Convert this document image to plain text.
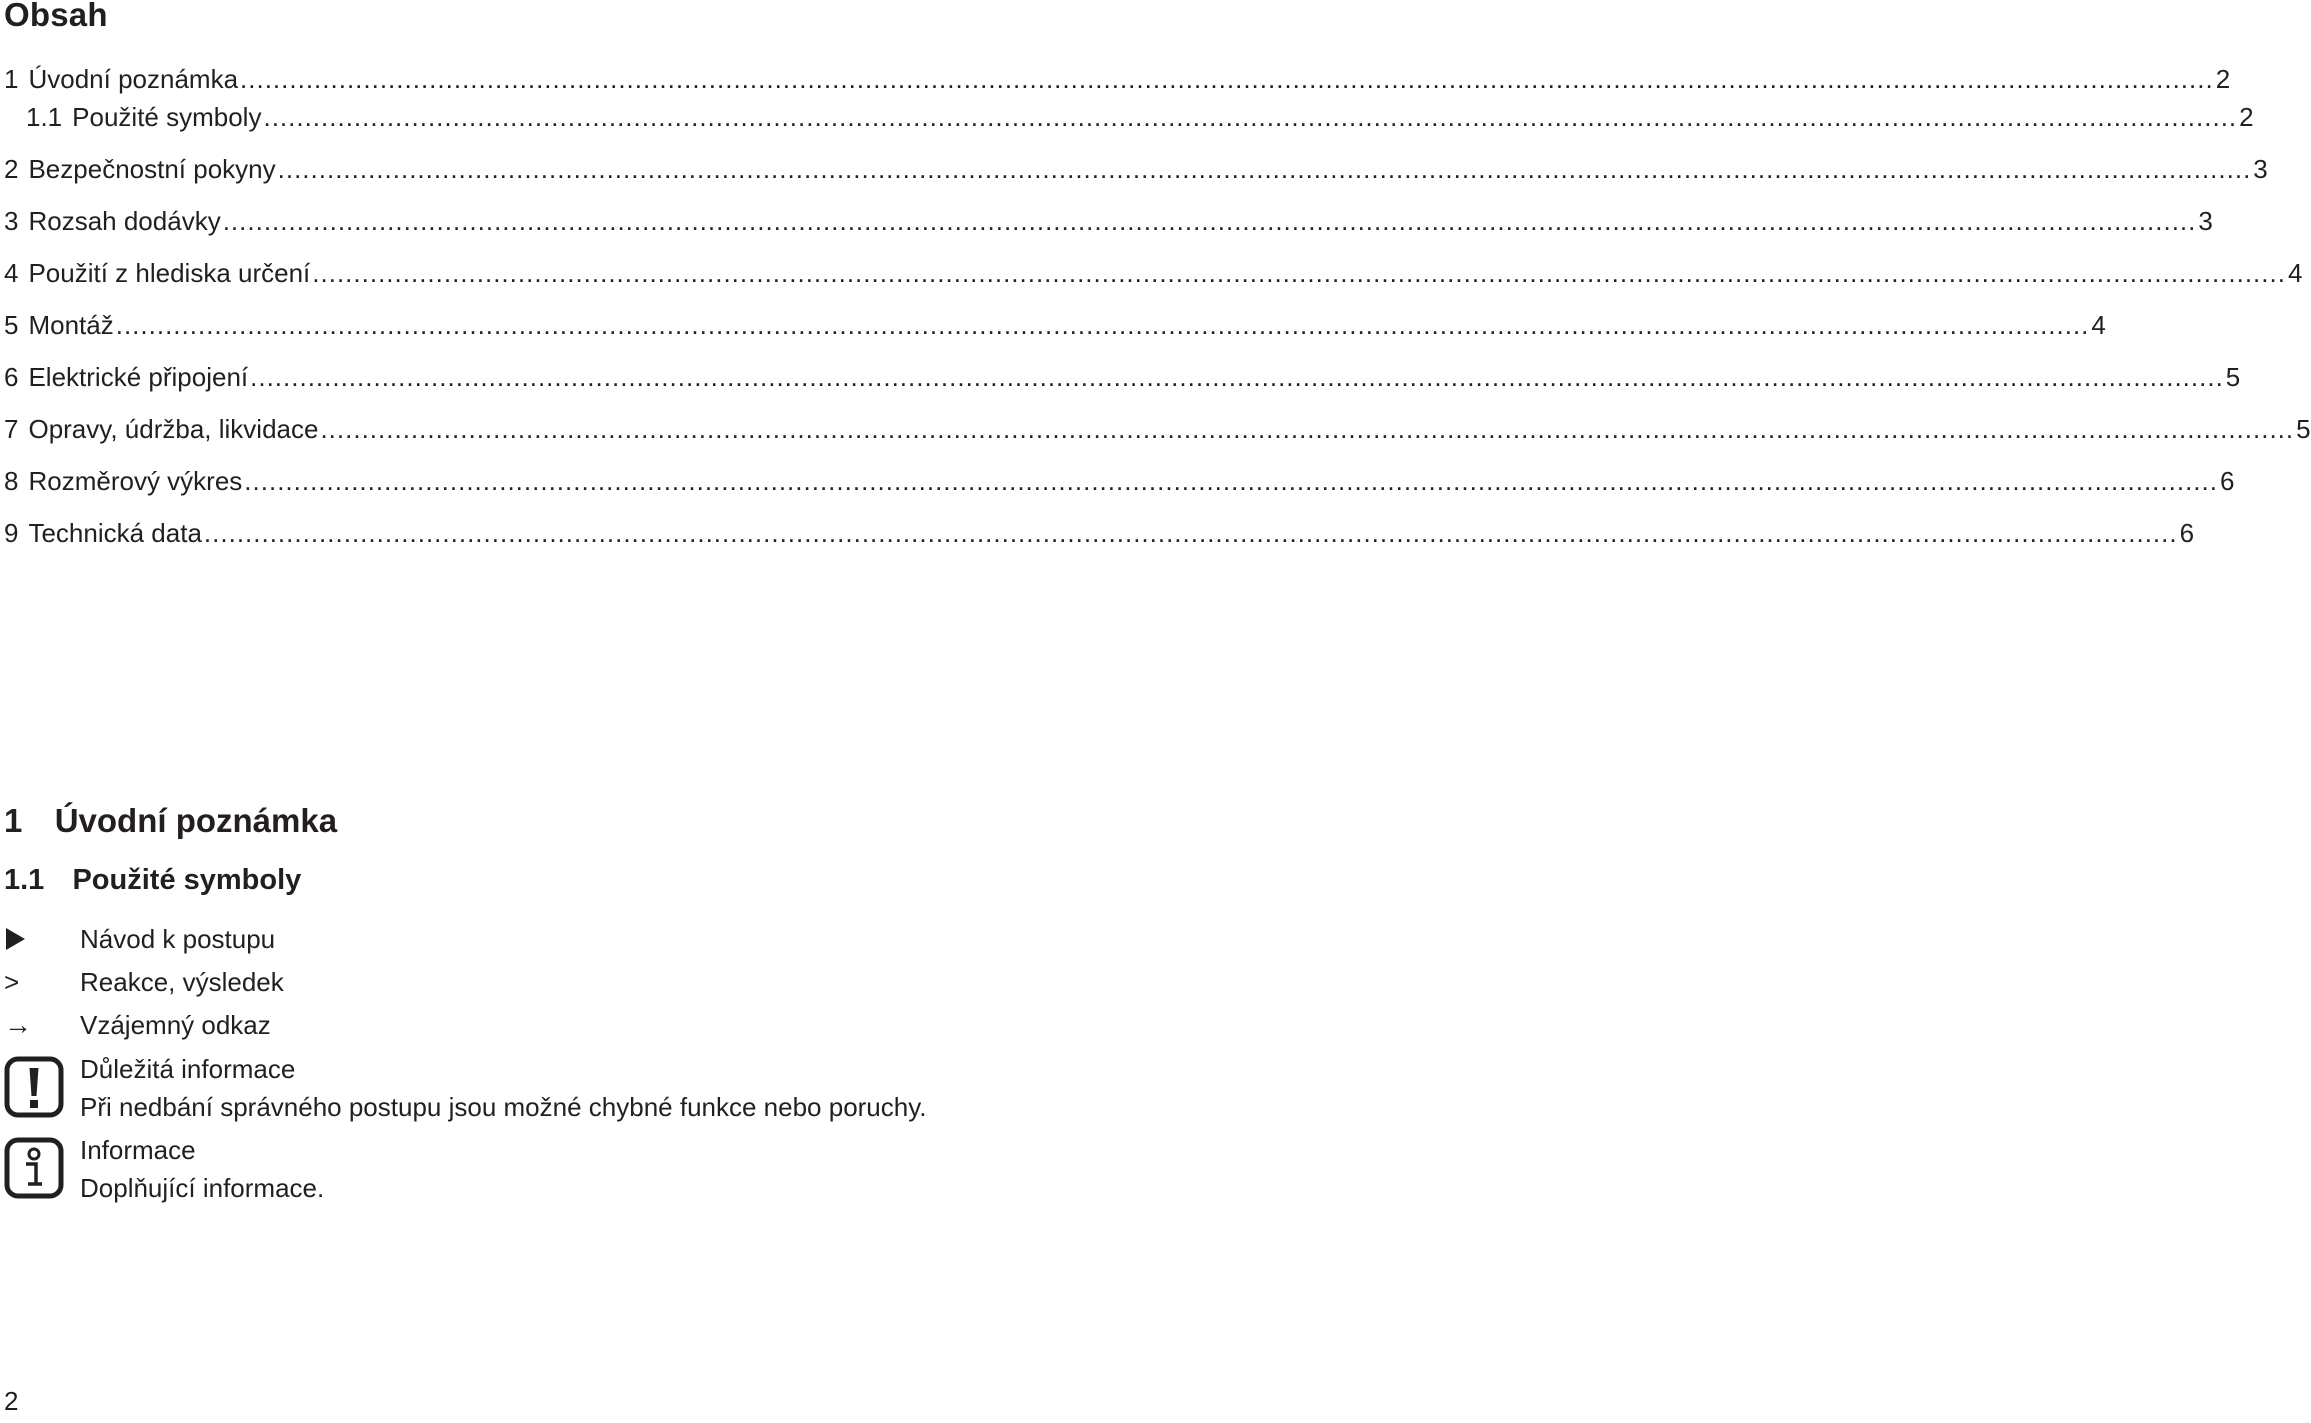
Obsah
1 Úvodní poznámka ................................................................................................................................................................................................................................................ 2
1.1 Použité symboly ................................................................................................................................................................................................................................................ 2
2 Bezpečnostní pokyny ................................................................................................................................................................................................................................................ 3
3 Rozsah dodávky ................................................................................................................................................................................................................................................ 3
4 Použití z hlediska určení ................................................................................................................................................................................................................................................ 4
5 Montáž ................................................................................................................................................................................................................................................ 4
6 Elektrické připojení ................................................................................................................................................................................................................................................ 5
7 Opravy, údržba, likvidace ................................................................................................................................................................................................................................................ 5
8 Rozměrový výkres ................................................................................................................................................................................................................................................ 6
9 Technická data ................................................................................................................................................................................................................................................ 6
1 Úvodní poznámka
1.1 Použité symboly
Návod k postupu
>	Reakce, výsledek
→	Vzájemný odkaz
Důležitá informace
Při nedbání správného postupu jsou možné chybné funkce nebo poruchy.
Informace
Doplňující informace.
2
